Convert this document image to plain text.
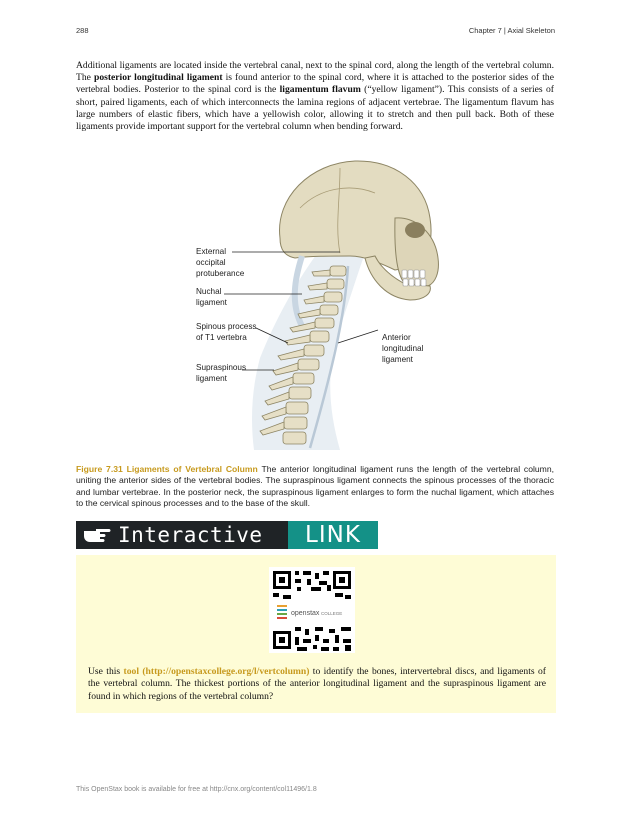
288	Chapter 7 | Axial Skeleton
Additional ligaments are located inside the vertebral canal, next to the spinal cord, along the length of the vertebral column. The posterior longitudinal ligament is found anterior to the spinal cord, where it is attached to the posterior sides of the vertebral bodies. Posterior to the spinal cord is the ligamentum flavum (“yellow ligament”). This consists of a series of short, paired ligaments, each of which interconnects the lamina regions of adjacent vertebrae. The ligamentum flavum has large numbers of elastic fibers, which have a yellowish color, allowing it to stretch and then pull back. Both of these ligaments provide important support for the vertebral column when bending forward.
External
occipital
protuberance
Nuchal
ligament
Spinous process
of T1 vertebra
Supraspinous
ligament
Anterior
longitudinal
ligament
Figure 7.31 Ligaments of Vertebral Column The anterior longitudinal ligament runs the length of the vertebral column, uniting the anterior sides of the vertebral bodies. The supraspinous ligament connects the spinous processes of the thoracic and lumbar vertebrae. In the posterior neck, the supraspinous ligament enlarges to form the nuchal ligament, which attaches to the cervical spinous processes and to the base of the skull.
Interactive	LINK
openstax COLLEGE
Use this tool (http://openstaxcollege.org/l/vertcolumn) to identify the bones, intervertebral discs, and ligaments of the vertebral column. The thickest portions of the anterior longitudinal ligament and the supraspinous ligament are found in which regions of the vertebral column?
This OpenStax book is available for free at http://cnx.org/content/col11496/1.8
